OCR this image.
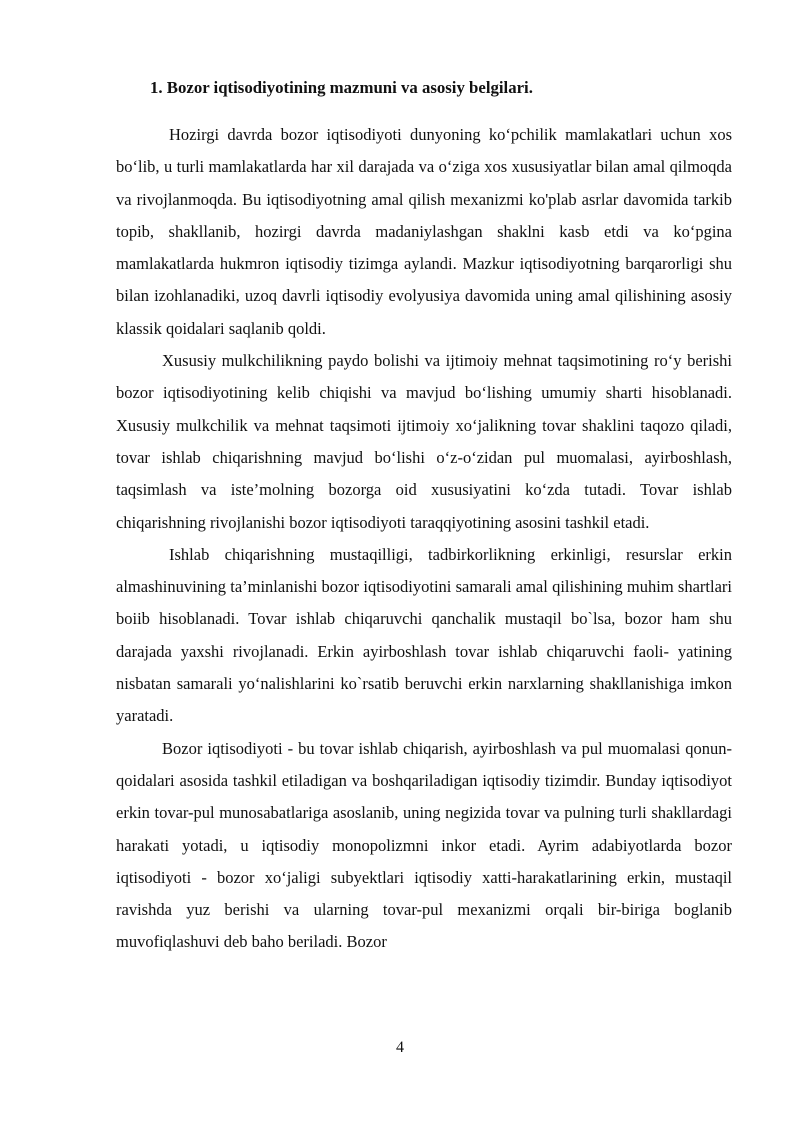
1. Bozor iqtisodiyotining mazmuni va asosiy belgilari.

Hozirgi davrda bozor iqtisodiyoti dunyoning ko‘pchilik mamlakatlari uchun xos bo‘lib, u turli mamlakatlarda har xil darajada va o‘ziga xos xususiyatlar bilan amal qilmoqda va rivojlanmoqda. Bu iqtisodiyotning amal qilish mexanizmi ko'plab asrlar davomida tarkib topib, shakllanib, hozirgi davrda madaniylashgan shaklni kasb etdi va ko‘pgina mamlakatlarda hukmron iqtisodiy tizimga aylandi. Mazkur iqtisodiyotning barqarorligi shu bilan izohlanadiki, uzoq davrli iqtisodiy evolyusiya davomida uning amal qilishining asosiy klassik qoidalari saqlanib qoldi.

Xususiy mulkchilikning paydo bolishi va ijtimoiy mehnat taqsimotining ro‘y berishi bozor iqtisodiyotining kelib chiqishi va mavjud bo‘lishing umumiy sharti hisoblanadi. Xususiy mulkchilik va mehnat taqsimoti ijtimoiy xo‘jalikning tovar shaklini taqozo qiladi, tovar ishlab chiqarishning mavjud bo‘lishi o‘z-o‘zidan pul muomalasi, ayirboshlash, taqsimlash va iste’molning bozorga oid xususiyatini ko‘zda tutadi. Tovar ishlab chiqarishning rivojlanishi bozor iqtisodiyoti taraqqiyotining asosini tashkil etadi.

Ishlab chiqarishning mustaqilligi, tadbirkorlikning erkinligi, resurslar erkin almashinuvining ta’minlanishi bozor iqtisodiyotini samarali amal qilishining muhim shartlari boiib hisoblanadi. Tovar ishlab chiqaruvchi qanchalik mustaqil bo`lsa, bozor ham shu darajada yaxshi rivojlanadi. Erkin ayirboshlash tovar ishlab chiqaruvchi faoli- yatining nisbatan samarali yo‘nalishlarini ko`rsatib beruvchi erkin narxlarning shakllanishiga imkon yaratadi.

Bozor iqtisodiyoti - bu tovar ishlab chiqarish, ayirboshlash va pul muomalasi qonun-qoidalari asosida tashkil etiladigan va boshqariladigan iqtisodiy tizimdir. Bunday iqtisodiyot erkin tovar-pul munosabatlariga asoslanib, uning negizida tovar va pulning turli shakllardagi harakati yotadi, u iqtisodiy monopolizmni inkor etadi. Ayrim adabiyotlarda bozor iqtisodiyoti - bozor xo‘jaligi subyektlari iqtisodiy xatti-harakatlarining erkin, mustaqil ravishda yuz berishi va ularning tovar-pul mexanizmi orqali bir-biriga boglanib muvofiqlashuvi deb baho beriladi. Bozor

4
